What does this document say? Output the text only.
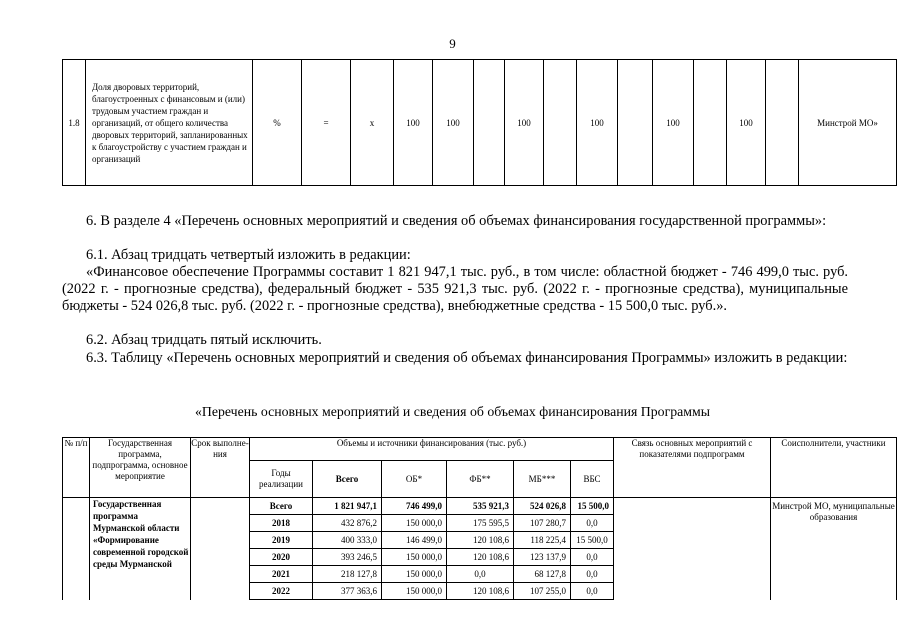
9
1.8	Доля дворовых территорий, благоустроенных с финансовым и (или) трудовым участием граждан и организаций, от общего количества дворовых территорий, запланированных к благоустройству с участием граждан и организаций	%	=	x	100	100		100		100		100		100		Минстрой МО»
6. В разделе 4 «Перечень основных мероприятий и сведения об объемах финансирования государственной программы»:
6.1. Абзац тридцать четвертый изложить в редакции:
«Финансовое обеспечение Программы составит 1 821 947,1 тыс. руб., в том числе: областной бюджет - 746 499,0 тыс. руб. (2022 г. - прогнозные средства), федеральный бюджет - 535 921,3 тыс. руб. (2022 г. - прогнозные средства), муниципальные бюджеты - 524 026,8 тыс. руб. (2022 г. - прогнозные средства), внебюджетные средства - 15 500,0 тыс. руб.».
6.2. Абзац тридцать пятый исключить.
6.3. Таблицу «Перечень основных мероприятий и сведения об объемах финансирования Программы» изложить в редакции:
«Перечень основных мероприятий и сведения об объемах финансирования Программы
№ п/п	Государственная программа, подпрограмма, основное мероприятие	Срок выполне-ния	Объемы и источники финансирования (тыс. руб.)						Связь основных мероприятий с показателями подпрограмм	Соисполнители, участники
			Годы реализации	Всего	ОБ*	ФБ**	МБ***	ВБС		
	Государственная программа Мурманской области «Формирование современной городской среды Мурманской		Всего	1 821 947,1	746 499,0	535 921,3	524 026,8	15 500,0		Минстрой МО, муниципальные образования
			2018	432 876,2	150 000,0	175 595,5	107 280,7	0,0		
			2019	400 333,0	146 499,0	120 108,6	118 225,4	15 500,0		
			2020	393 246,5	150 000,0	120 108,6	123 137,9	0,0		
			2021	218 127,8	150 000,0	0,0	68 127,8	0,0		
			2022	377 363,6	150 000,0	120 108,6	107 255,0	0,0		
